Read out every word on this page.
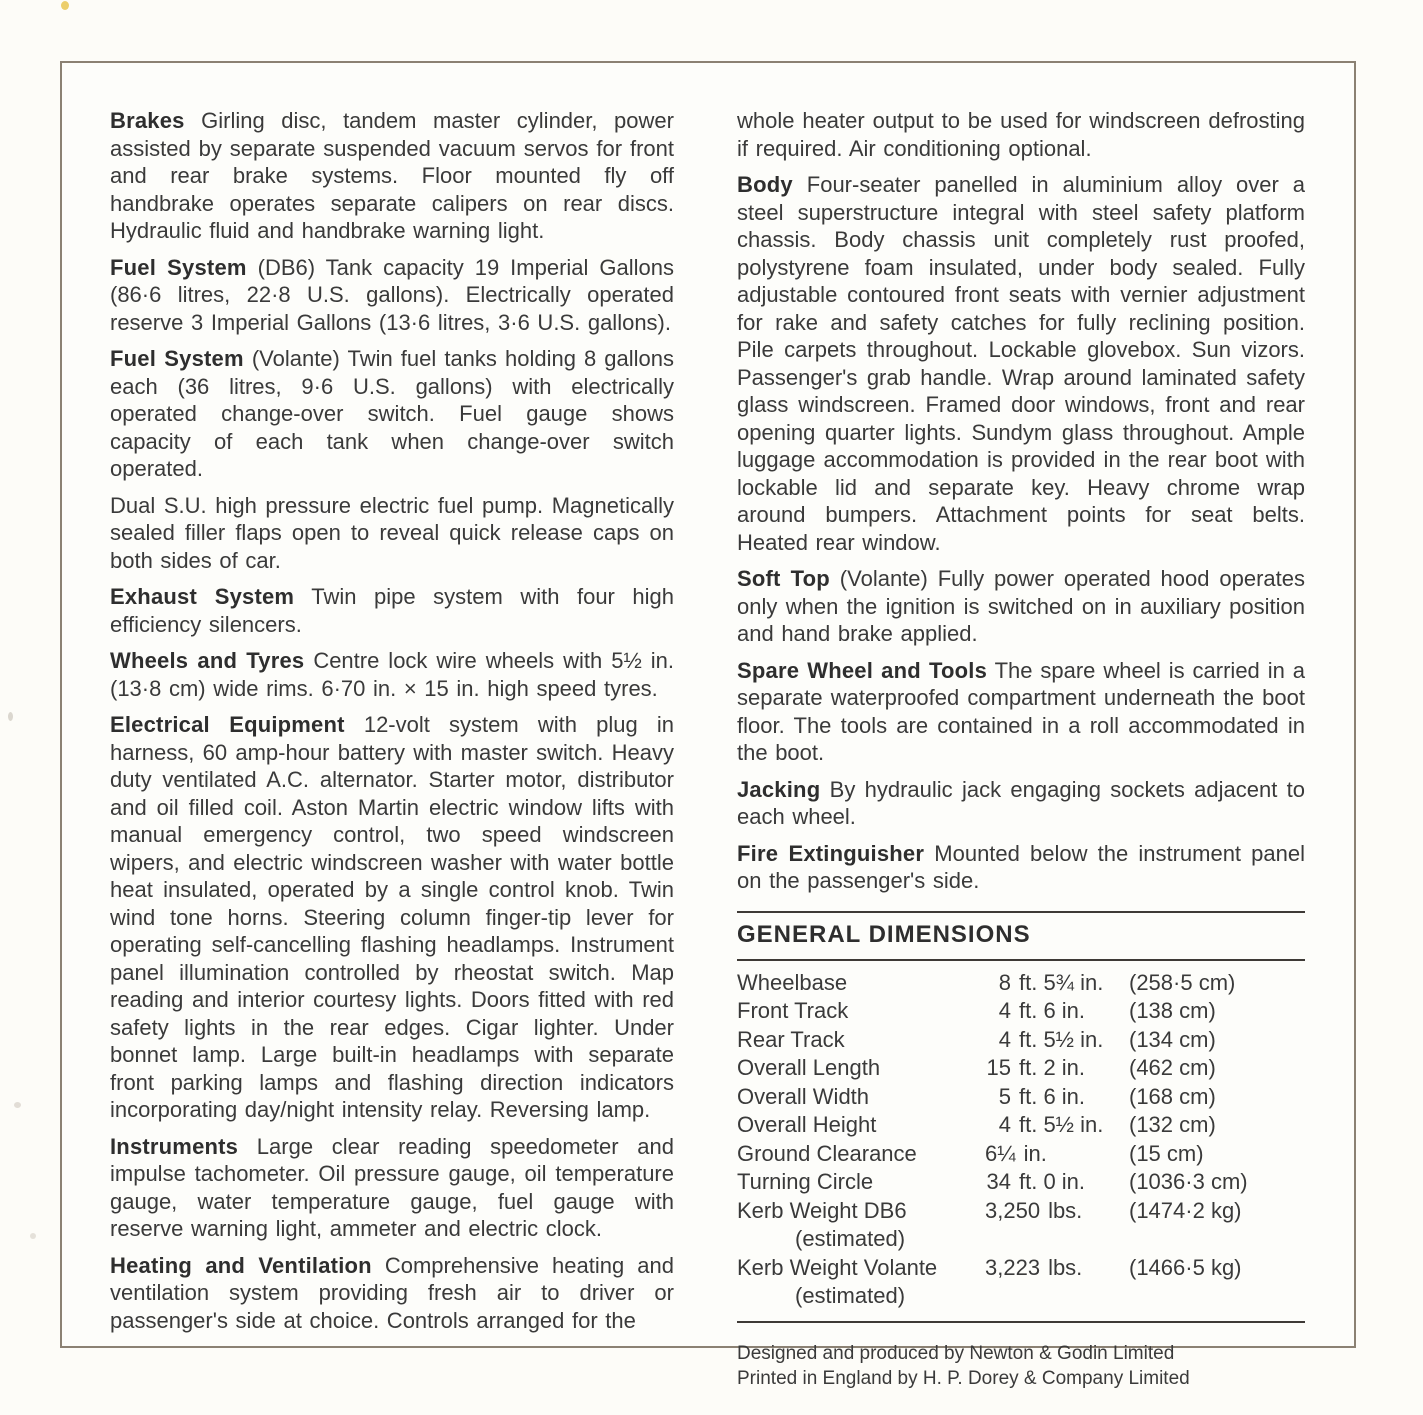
Brakes Girling disc, tandem master cylinder, power assisted by separate suspended vacuum servos for front and rear brake systems. Floor mounted fly off handbrake operates separate calipers on rear discs. Hydraulic fluid and handbrake warning light.

Fuel System (DB6) Tank capacity 19 Imperial Gallons (86·6 litres, 22·8 U.S. gallons). Electrically operated reserve 3 Imperial Gallons (13·6 litres, 3·6 U.S. gallons).

Fuel System (Volante) Twin fuel tanks holding 8 gallons each (36 litres, 9·6 U.S. gallons) with electrically operated change-over switch. Fuel gauge shows capacity of each tank when change-over switch operated.

Dual S.U. high pressure electric fuel pump. Magnetically sealed filler flaps open to reveal quick release caps on both sides of car.

Exhaust System Twin pipe system with four high efficiency silencers.

Wheels and Tyres Centre lock wire wheels with 5½ in. (13·8 cm) wide rims. 6·70 in. × 15 in. high speed tyres.

Electrical Equipment 12-volt system with plug in harness, 60 amp-hour battery with master switch. Heavy duty ventilated A.C. alternator. Starter motor, distributor and oil filled coil. Aston Martin electric window lifts with manual emergency control, two speed windscreen wipers, and electric windscreen washer with water bottle heat insulated, operated by a single control knob. Twin wind tone horns. Steering column finger-tip lever for operating self-cancelling flashing headlamps. Instrument panel illumination controlled by rheostat switch. Map reading and interior courtesy lights. Doors fitted with red safety lights in the rear edges. Cigar lighter. Under bonnet lamp. Large built-in headlamps with separate front parking lamps and flashing direction indicators incorporating day/night intensity relay. Reversing lamp.

Instruments Large clear reading speedometer and impulse tachometer. Oil pressure gauge, oil temperature gauge, water temperature gauge, fuel gauge with reserve warning light, ammeter and electric clock.

Heating and Ventilation Comprehensive heating and ventilation system providing fresh air to driver or passenger's side at choice. Controls arranged for the

whole heater output to be used for windscreen defrosting if required. Air conditioning optional.

Body Four-seater panelled in aluminium alloy over a steel superstructure integral with steel safety platform chassis. Body chassis unit completely rust proofed, polystyrene foam insulated, under body sealed. Fully adjustable contoured front seats with vernier adjustment for rake and safety catches for fully reclining position. Pile carpets throughout. Lockable glovebox. Sun vizors. Passenger's grab handle. Wrap around laminated safety glass windscreen. Framed door windows, front and rear opening quarter lights. Sundym glass throughout. Ample luggage accommodation is provided in the rear boot with lockable lid and separate key. Heavy chrome wrap around bumpers. Attachment points for seat belts. Heated rear window.

Soft Top (Volante) Fully power operated hood operates only when the ignition is switched on in auxiliary position and hand brake applied.

Spare Wheel and Tools The spare wheel is carried in a separate waterproofed compartment underneath the boot floor. The tools are contained in a roll accommodated in the boot.

Jacking By hydraulic jack engaging sockets adjacent to each wheel.

Fire Extinguisher Mounted below the instrument panel on the passenger's side.

GENERAL DIMENSIONS
Wheelbase	8 ft. 5¾ in.	(258·5 cm)

Front Track	4 ft. 6 in.	(138 cm)

Rear Track	4 ft. 5½ in.	(134 cm)

Overall Length	15 ft. 2 in.	(462 cm)

Overall Width	5 ft. 6 in.	(168 cm)

Overall Height	4 ft. 5½ in.	(132 cm)

Ground Clearance	6¼ in.	(15 cm)

Turning Circle	34 ft. 0 in.	(1036·3 cm)

Kerb Weight DB6
(estimated)	3,250 lbs.	(1474·2 kg)

Kerb Weight Volante
(estimated)	3,223 lbs.	(1466·5 kg)
Designed and produced by Newton & Godin Limited
Printed in England by H. P. Dorey & Company Limited
